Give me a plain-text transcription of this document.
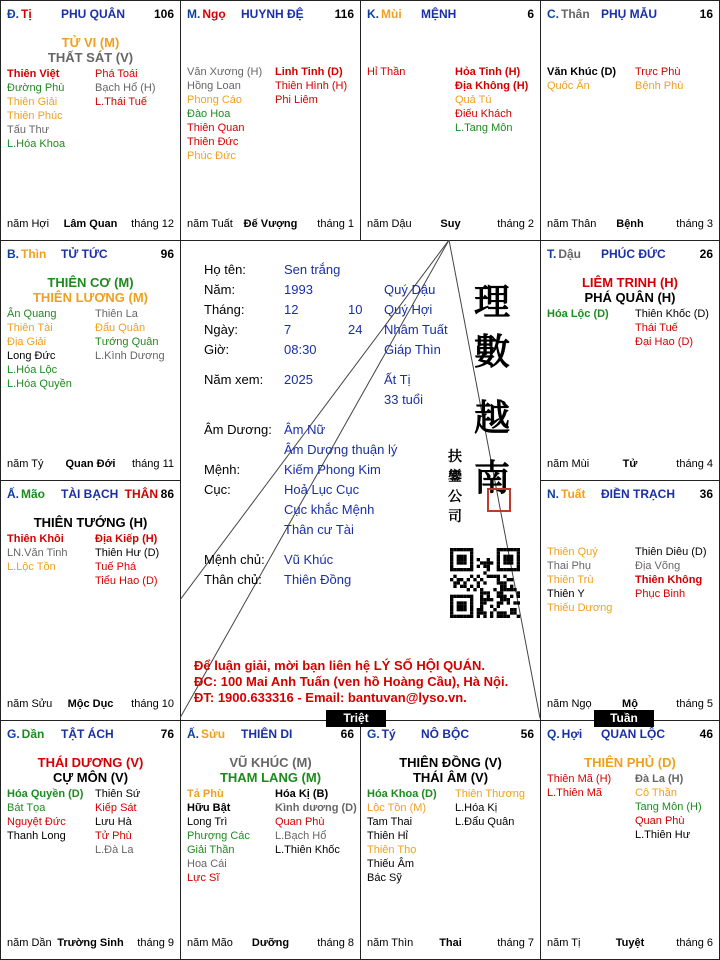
Đ. Tị PHU QUÂN 106
TỬ VI (M)
THẤT SÁT (V)
Thiên Việt
Đường Phù
Thiên Giải
Thiên Phúc
Tấu Thư
L.Hóa Khoa
Phá Toái
Bạch Hổ (H)
L.Thái Tuế
năm Hợi	Lâm Quan	tháng 12
M. Ngọ HUYNH ĐỆ	116
Văn Xương (H)
Hồng Loan
Phong Cáo
Đào Hoa
Thiên Quan
Thiên Đức
Phúc Đức
Linh Tinh (D)
Thiên Hình (H)
Phi Liêm
năm Tuất Đế Vượng	tháng 1
K. Mùi MỆNH	6
Hỉ Thần	Hỏa Tinh (H)
Địa Không (H)
Quả Tú
Điếu Khách
L.Tang Môn
năm Dậu	Suy	tháng 2
C. Thân PHỤ MẪU	16
Văn Khúc (D)
Quốc Ấn
Trực Phù
Bệnh Phù
năm Thân	Bệnh	tháng 3
B. Thìn TỬ TỨC	96
THIÊN CƠ (M)
THIÊN LƯƠNG (M)
Ân Quang
Thiên Tài
Địa Giải
Long Đức
L.Hóa Lộc
L.Hóa Quyền
Thiên La
Đẩu Quân
Tướng Quân
L.Kình Dương
năm Tý	Quan Đới	tháng 11
T. Dậu PHÚC ĐỨC	26
LIÊM TRINH (H)
PHÁ QUÂN (H)
Hóa Lộc (D) Thiên Khốc (D)
Thái Tuế
Đại Hao (D)
năm Mùi	Tử	tháng 4
Ấ. Mão TÀI BẠCH	86
THÂN
THIÊN TƯỚNG (H)
Thiên Khôi
LN.Văn Tinh
L.Lộc Tồn
Địa Kiếp (H)
Thiên Hư (D)
Tuế Phá
Tiểu Hao (D)
năm Sửu	Mộc Dục	tháng 10
N. Tuất ĐIỀN TRẠCH 36
Thiên Quý
Thai Phụ
Thiên Trù
Thiên Y
Thiếu Dương
Thiên Diêu (D)
Địa Võng
Thiên Không
Phục Binh
năm Ngọ	Mộ	tháng 5
G. Dần TẬT ÁCH	76
THÁI DƯƠNG (V)
CỰ MÔN (V)
Hóa Quyền (D)
Bát Tọa
Nguyệt Đức
Thanh Long
Thiên Sứ
Kiếp Sát
Lưu Hà
Tử Phù
L.Đà La
năm Dần Trường Sinh	tháng 9
Ấ. Sửu THIÊN DI	66
VŨ KHÚC (M)
THAM LANG (M)
Tả Phù
Hữu Bật
Long Trì
Phượng Các
Giải Thần
Hoa Cái
Lực Sĩ
Hóa Kị (B)
Kình dương (D)
Quan Phù
L.Bạch Hổ
L.Thiên Khốc
năm Mão	Dưỡng	tháng 8
G. Tý NÔ BỘC	56
THIÊN ĐỒNG (V)
THÁI ÂM (V)
Hóa Khoa (D)
Lộc Tồn (M)
Tam Thai
Thiên Hỉ
Thiên Thọ
Thiếu Âm
Bác Sỹ
Thiên Thương
L.Hóa Kị
L.Đẩu Quân
năm Thìn	Thai	tháng 7
Q. Hợi QUAN LỘC	46
THIÊN PHỦ (D)
Thiên Mã (H)
L.Thiên Mã
Đà La (H)
Cô Thần
Tang Môn (H)
Quan Phù
L.Thiên Hư
năm Tị	Tuyệt	tháng 6
Họ tên:	Sen trắng
Năm:	1993	Quý Dậu
Tháng:	12	10 Quý Hợi
Ngày:	7	24 Nhâm Tuất
Giờ:	08:30	Giáp Thìn
Năm xem: 2025	Ất Tị
33 tuổi
Âm Dương: Âm Nữ
Âm Dương thuận lý
Mệnh:	Kiếm Phong Kim
Cục:	Hoả Lục Cục
Cục khắc Mệnh
Thân cư Tài
Mệnh chủ: Vũ Khúc
Thân chủ: Thiên Đồng
理
數
越
南
扶
鑾
公
司
Để luận giải, mời bạn liên hệ LÝ SỐ HỘI QUÁN.
ĐC: 100 Mai Anh Tuấn (ven hồ Hoàng Cầu), Hà Nội.
ĐT: 1900.633316 - Email: bantuvan@lyso.vn.
Triệt	Tuần
